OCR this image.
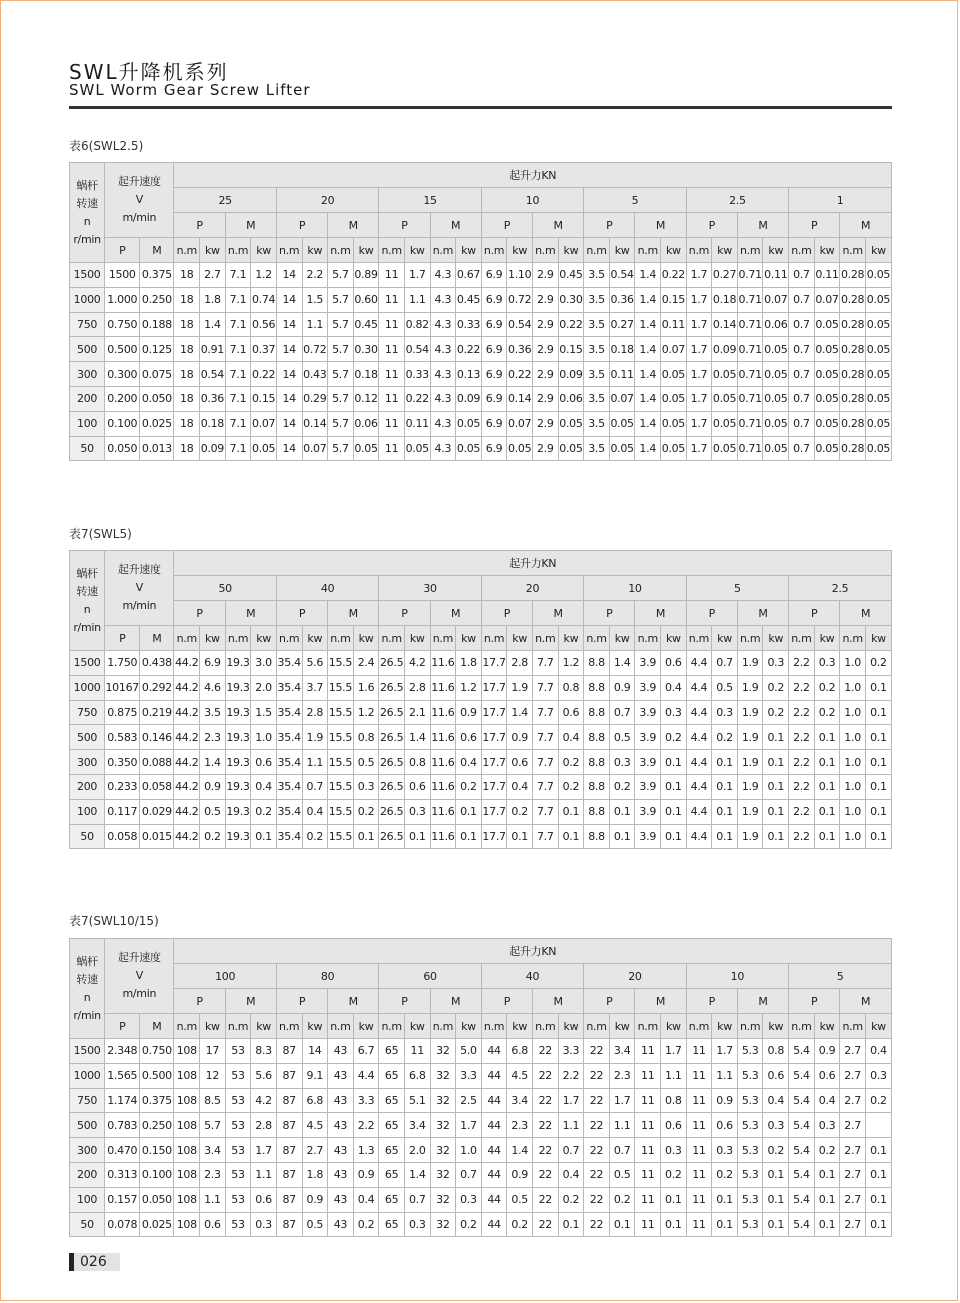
SWL升降机系列
SWL Worm Gear Screw Lifter
表6(SWL2.5)
蜗杆
转速
n
r/min	起升速度
V
m/min		起升力KN																											
			25				20				15				10				5				2.5				1			
			P		M		P		M		P		M		P		M		P		M		P		M		P		M	
	P	M	n.m	kw	n.m	kw	n.m	kw	n.m	kw	n.m	kw	n.m	kw	n.m	kw	n.m	kw	n.m	kw	n.m	kw	n.m	kw	n.m	kw	n.m	kw	n.m	kw
1500	1500	0.375	18	2.7	7.1	1.2	14	2.2	5.7	0.89	11	1.7	4.3	0.67	6.9	1.10	2.9	0.45	3.5	0.54	1.4	0.22	1.7	0.27	0.71	0.11	0.7	0.11	0.28	0.05
1000	1.000	0.250	18	1.8	7.1	0.74	14	1.5	5.7	0.60	11	1.1	4.3	0.45	6.9	0.72	2.9	0.30	3.5	0.36	1.4	0.15	1.7	0.18	0.71	0.07	0.7	0.07	0.28	0.05
750	0.750	0.188	18	1.4	7.1	0.56	14	1.1	5.7	0.45	11	0.82	4.3	0.33	6.9	0.54	2.9	0.22	3.5	0.27	1.4	0.11	1.7	0.14	0.71	0.06	0.7	0.05	0.28	0.05
500	0.500	0.125	18	0.91	7.1	0.37	14	0.72	5.7	0.30	11	0.54	4.3	0.22	6.9	0.36	2.9	0.15	3.5	0.18	1.4	0.07	1.7	0.09	0.71	0.05	0.7	0.05	0.28	0.05
300	0.300	0.075	18	0.54	7.1	0.22	14	0.43	5.7	0.18	11	0.33	4.3	0.13	6.9	0.22	2.9	0.09	3.5	0.11	1.4	0.05	1.7	0.05	0.71	0.05	0.7	0.05	0.28	0.05
200	0.200	0.050	18	0.36	7.1	0.15	14	0.29	5.7	0.12	11	0.22	4.3	0.09	6.9	0.14	2.9	0.06	3.5	0.07	1.4	0.05	1.7	0.05	0.71	0.05	0.7	0.05	0.28	0.05
100	0.100	0.025	18	0.18	7.1	0.07	14	0.14	5.7	0.06	11	0.11	4.3	0.05	6.9	0.07	2.9	0.05	3.5	0.05	1.4	0.05	1.7	0.05	0.71	0.05	0.7	0.05	0.28	0.05
50	0.050	0.013	18	0.09	7.1	0.05	14	0.07	5.7	0.05	11	0.05	4.3	0.05	6.9	0.05	2.9	0.05	3.5	0.05	1.4	0.05	1.7	0.05	0.71	0.05	0.7	0.05	0.28	0.05
表7(SWL5)
蜗杆
转速
n
r/min	起升速度
V
m/min		起升力KN																											
			50				40				30				20				10				5				2.5			
			P		M		P		M		P		M		P		M		P		M		P		M		P		M	
	P	M	n.m	kw	n.m	kw	n.m	kw	n.m	kw	n.m	kw	n.m	kw	n.m	kw	n.m	kw	n.m	kw	n.m	kw	n.m	kw	n.m	kw	n.m	kw	n.m	kw
1500	1.750	0.438	44.2	6.9	19.3	3.0	35.4	5.6	15.5	2.4	26.5	4.2	11.6	1.8	17.7	2.8	7.7	1.2	8.8	1.4	3.9	0.6	4.4	0.7	1.9	0.3	2.2	0.3	1.0	0.2
1000	10167	0.292	44.2	4.6	19.3	2.0	35.4	3.7	15.5	1.6	26.5	2.8	11.6	1.2	17.7	1.9	7.7	0.8	8.8	0.9	3.9	0.4	4.4	0.5	1.9	0.2	2.2	0.2	1.0	0.1
750	0.875	0.219	44.2	3.5	19.3	1.5	35.4	2.8	15.5	1.2	26.5	2.1	11.6	0.9	17.7	1.4	7.7	0.6	8.8	0.7	3.9	0.3	4.4	0.3	1.9	0.2	2.2	0.2	1.0	0.1
500	0.583	0.146	44.2	2.3	19.3	1.0	35.4	1.9	15.5	0.8	26.5	1.4	11.6	0.6	17.7	0.9	7.7	0.4	8.8	0.5	3.9	0.2	4.4	0.2	1.9	0.1	2.2	0.1	1.0	0.1
300	0.350	0.088	44.2	1.4	19.3	0.6	35.4	1.1	15.5	0.5	26.5	0.8	11.6	0.4	17.7	0.6	7.7	0.2	8.8	0.3	3.9	0.1	4.4	0.1	1.9	0.1	2.2	0.1	1.0	0.1
200	0.233	0.058	44.2	0.9	19.3	0.4	35.4	0.7	15.5	0.3	26.5	0.6	11.6	0.2	17.7	0.4	7.7	0.2	8.8	0.2	3.9	0.1	4.4	0.1	1.9	0.1	2.2	0.1	1.0	0.1
100	0.117	0.029	44.2	0.5	19.3	0.2	35.4	0.4	15.5	0.2	26.5	0.3	11.6	0.1	17.7	0.2	7.7	0.1	8.8	0.1	3.9	0.1	4.4	0.1	1.9	0.1	2.2	0.1	1.0	0.1
50	0.058	0.015	44.2	0.2	19.3	0.1	35.4	0.2	15.5	0.1	26.5	0.1	11.6	0.1	17.7	0.1	7.7	0.1	8.8	0.1	3.9	0.1	4.4	0.1	1.9	0.1	2.2	0.1	1.0	0.1
表7(SWL10/15)
蜗杆
转速
n
r/min	起升速度
V
m/min		起升力KN																											
			100				80				60				40				20				10				5			
			P		M		P		M		P		M		P		M		P		M		P		M		P		M	
	P	M	n.m	kw	n.m	kw	n.m	kw	n.m	kw	n.m	kw	n.m	kw	n.m	kw	n.m	kw	n.m	kw	n.m	kw	n.m	kw	n.m	kw	n.m	kw	n.m	kw
1500	2.348	0.750	108	17	53	8.3	87	14	43	6.7	65	11	32	5.0	44	6.8	22	3.3	22	3.4	11	1.7	11	1.7	5.3	0.8	5.4	0.9	2.7	0.4
1000	1.565	0.500	108	12	53	5.6	87	9.1	43	4.4	65	6.8	32	3.3	44	4.5	22	2.2	22	2.3	11	1.1	11	1.1	5.3	0.6	5.4	0.6	2.7	0.3
750	1.174	0.375	108	8.5	53	4.2	87	6.8	43	3.3	65	5.1	32	2.5	44	3.4	22	1.7	22	1.7	11	0.8	11	0.9	5.3	0.4	5.4	0.4	2.7	0.2
500	0.783	0.250	108	5.7	53	2.8	87	4.5	43	2.2	65	3.4	32	1.7	44	2.3	22	1.1	22	1.1	11	0.6	11	0.6	5.3	0.3	5.4	0.3	2.7	
300	0.470	0.150	108	3.4	53	1.7	87	2.7	43	1.3	65	2.0	32	1.0	44	1.4	22	0.7	22	0.7	11	0.3	11	0.3	5.3	0.2	5.4	0.2	2.7	0.1
200	0.313	0.100	108	2.3	53	1.1	87	1.8	43	0.9	65	1.4	32	0.7	44	0.9	22	0.4	22	0.5	11	0.2	11	0.2	5.3	0.1	5.4	0.1	2.7	0.1
100	0.157	0.050	108	1.1	53	0.6	87	0.9	43	0.4	65	0.7	32	0.3	44	0.5	22	0.2	22	0.2	11	0.1	11	0.1	5.3	0.1	5.4	0.1	2.7	0.1
50	0.078	0.025	108	0.6	53	0.3	87	0.5	43	0.2	65	0.3	32	0.2	44	0.2	22	0.1	22	0.1	11	0.1	11	0.1	5.3	0.1	5.4	0.1	2.7	0.1
026
